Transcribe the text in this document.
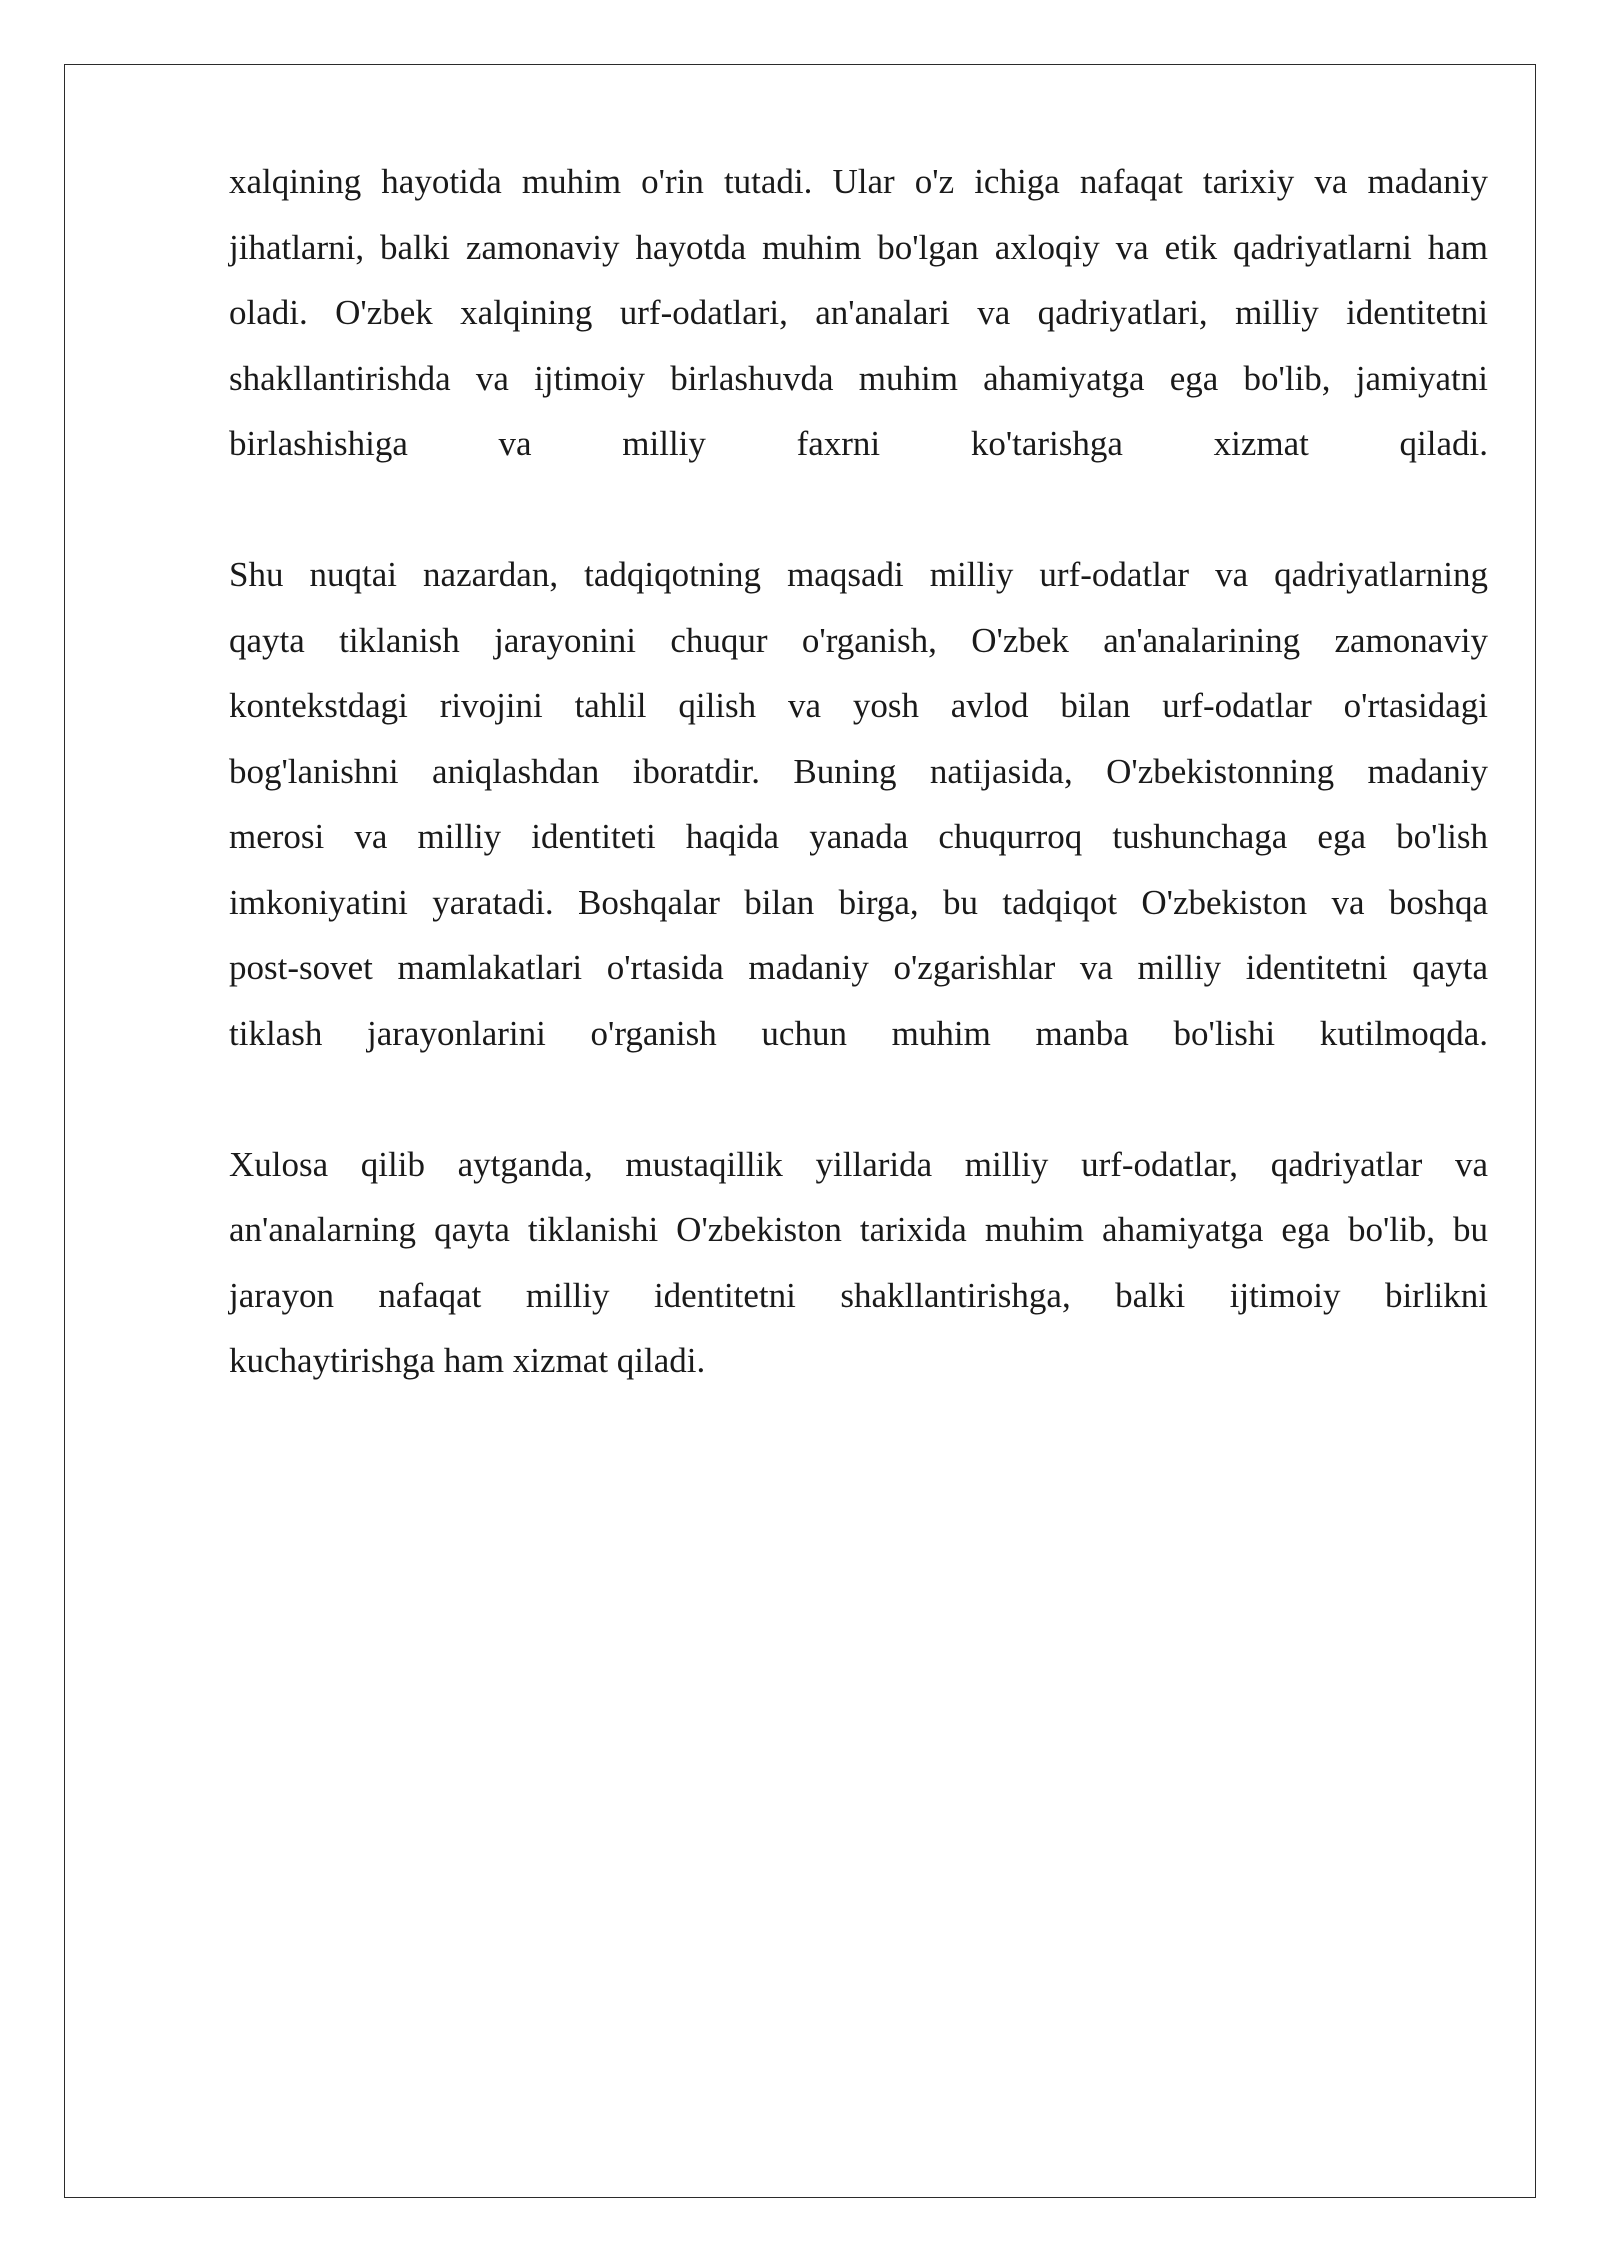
xalqining hayotida muhim o'rin tutadi. Ular o'z ichiga nafaqat tarixiy va madaniy
jihatlarni, balki zamonaviy hayotda muhim bo'lgan axloqiy va etik qadriyatlarni ham
oladi. O'zbek xalqining urf-odatlari, an'analari va qadriyatlari, milliy identitetni
shakllantirishda va ijtimoiy birlashuvda muhim ahamiyatga ega bo'lib, jamiyatni
birlashishiga va milliy faxrni ko'tarishga xizmat qiladi.
Shu nuqtai nazardan, tadqiqotning maqsadi milliy urf-odatlar va qadriyatlarning
qayta tiklanish jarayonini chuqur o'rganish, O'zbek an'analarining zamonaviy
kontekstdagi rivojini tahlil qilish va yosh avlod bilan urf-odatlar o'rtasidagi
bog'lanishni aniqlashdan iboratdir. Buning natijasida, O'zbekistonning madaniy
merosi va milliy identiteti haqida yanada chuqurroq tushunchaga ega bo'lish
imkoniyatini yaratadi. Boshqalar bilan birga, bu tadqiqot O'zbekiston va boshqa
post-sovet mamlakatlari o'rtasida madaniy o'zgarishlar va milliy identitetni qayta
tiklash jarayonlarini o'rganish uchun muhim manba bo'lishi kutilmoqda.
Xulosa qilib aytganda, mustaqillik yillarida milliy urf-odatlar, qadriyatlar va
an'analarning qayta tiklanishi O'zbekiston tarixida muhim ahamiyatga ega bo'lib, bu
jarayon nafaqat milliy identitetni shakllantirishga, balki ijtimoiy birlikni
kuchaytirishga ham xizmat qiladi.
